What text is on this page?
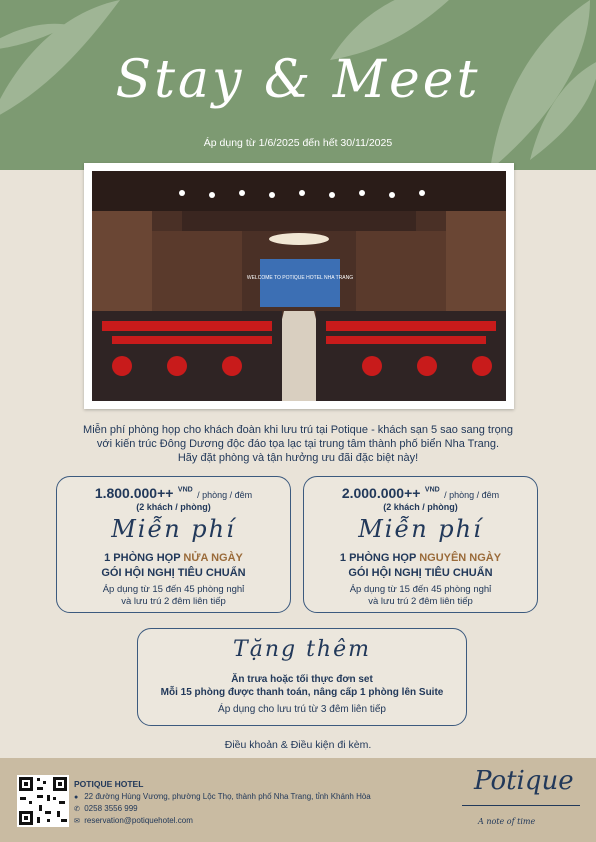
Stay & Meet
Áp dụng từ 1/6/2025 đến hết 30/11/2025
WELCOME TO POTIQUE HOTEL NHA TRANG
Miễn phí phòng họp cho khách đoàn khi lưu trú tại Potique - khách sạn 5 sao sang trọng
với kiến trúc Đông Dương độc đáo tọa lạc tại trung tâm thành phố biển Nha Trang.
Hãy đặt phòng và tận hưởng ưu đãi đặc biệt này!
1.800.000++ $^{VND}$ / phòng / đêm
(2 khách / phòng)
Miễn phí
1 PHÒNG HỌP NỬA NGÀY
GÓI HỘI NGHỊ TIÊU CHUẨN
Áp dụng từ 15 đến 45 phòng nghỉ
và lưu trú 2 đêm liên tiếp
2.000.000++ $^{VND}$ / phòng / đêm
(2 khách / phòng)
Miễn phí
1 PHÒNG HỌP NGUYÊN NGÀY
GÓI HỘI NGHỊ TIÊU CHUẨN
Áp dụng từ 15 đến 45 phòng nghỉ
và lưu trú 2 đêm liên tiếp
Tặng thêm
Ăn trưa hoặc tối thực đơn set
Mỗi 15 phòng được thanh toán, nâng cấp 1 phòng lên Suite
Áp dụng cho lưu trú từ 3 đêm liên tiếp
Điều khoản & Điều kiện đi kèm.
POTIQUE HOTEL
● 22 đường Hùng Vương, phường Lộc Thọ, thành phố Nha Trang, tỉnh Khánh Hòa
✆ 0258 3556 999
✉ reservation@potiquehotel.com
Potique
A note of time
